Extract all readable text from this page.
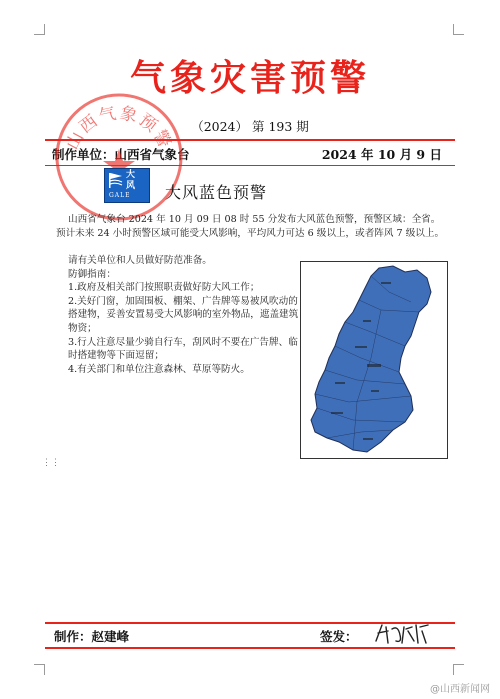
气象灾害预警
（2024） 第 193 期
制作单位：山西省气象台	2024 年 10 月 9 日
山西气象预警
大
风
GALE 大风蓝色预警
山西省气象台 2024 年 10 月 09 日 08 时 55 分发布大风蓝色预警，预警区域：全省。预计未来 24 小时预警区域可能受大风影响，平均风力可达 6 级以上，或者阵风 7 级以上。
请有关单位和人员做好防范准备。
防御指南：
1.政府及相关部门按照职责做好防大风工作；
2.关好门窗，加固围板、棚架、广告牌等易被风吹动的搭建物，妥善安置易受大风影响的室外物品，遮盖建筑物资；
3.行人注意尽量少骑自行车，刮风时不要在广告牌、临时搭建物等下面逗留；
4.有关部门和单位注意森林、草原等防火。
⋮⋮
制作：赵建峰	签发：
@山西新闻网
